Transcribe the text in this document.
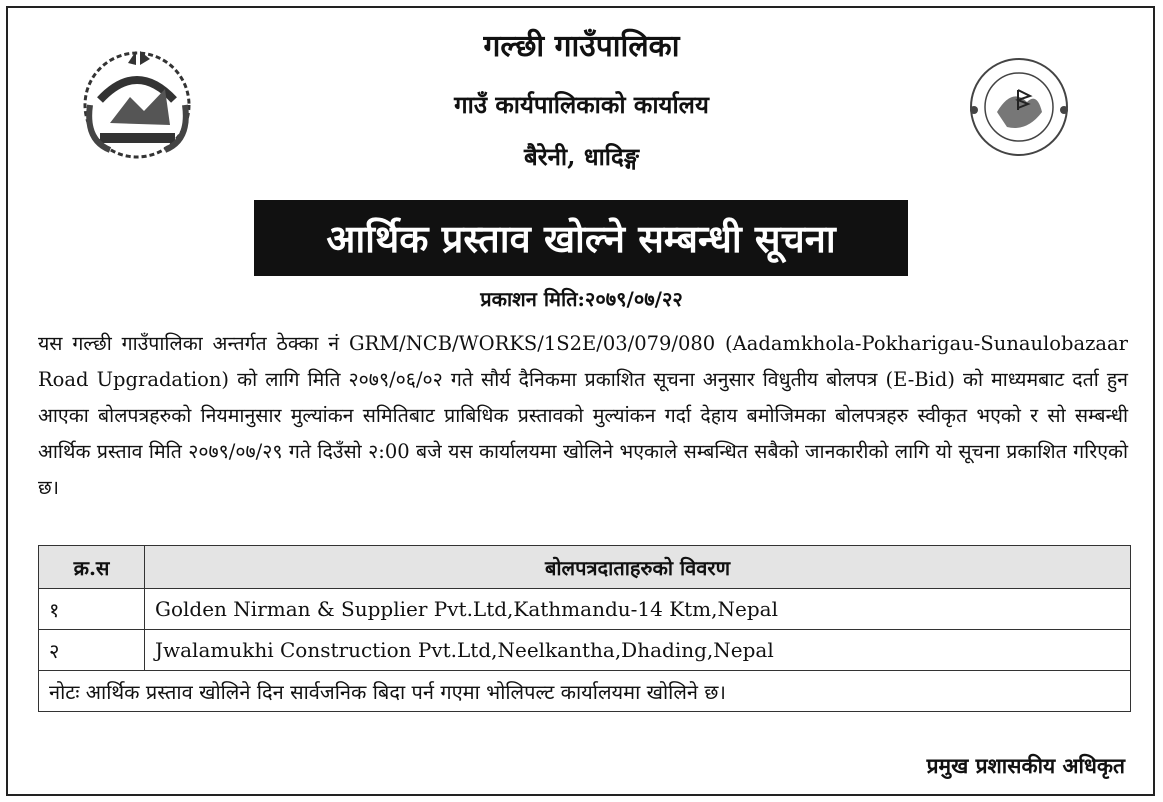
गल्छी गाउँपालिका
गाउँ कार्यपालिकाको कार्यालय
बैरेनी, धादिङ्ग
आर्थिक प्रस्ताव खोल्ने सम्बन्धी सूचना
प्रकाशन मिति:२०७९/०७/२२
यस गल्छी गाउँपालिका अन्तर्गत ठेक्का नं GRM/NCB/WORKS/1S2E/03/079/080 (Aadamkhola-Pokharigau-Sunaulobazaar Road Upgradation) को लागि मिति २०७९/०६/०२ गते सौर्य दैनिकमा प्रकाशित सूचना अनुसार विधुतीय बोलपत्र (E-Bid) को माध्यमबाट दर्ता हुन आएका बोलपत्रहरुको नियमानुसार मुल्यांकन समितिबाट प्राबिधिक प्रस्तावको मुल्यांकन गर्दा देहाय बमोजिमका बोलपत्रहरु स्वीकृत भएको र सो सम्बन्धी आर्थिक प्रस्ताव मिति २०७९/०७/२९ गते दिउँसो २:00 बजे यस कार्यालयमा खोलिने भएकाले सम्बन्धित सबैको जानकारीको लागि यो सूचना प्रकाशित गरिएको छ।
क्र.स	बोलपत्रदाताहरुको विवरण
१	Golden Nirman & Supplier Pvt.Ltd,Kathmandu-14 Ktm,Nepal
२	Jwalamukhi Construction Pvt.Ltd,Neelkantha,Dhading,Nepal
नोटः आर्थिक प्रस्ताव खोलिने दिन सार्वजनिक बिदा पर्न गएमा भोलिपल्ट कार्यालयमा खोलिने छ।	
प्रमुख प्रशासकीय अधिकृत
